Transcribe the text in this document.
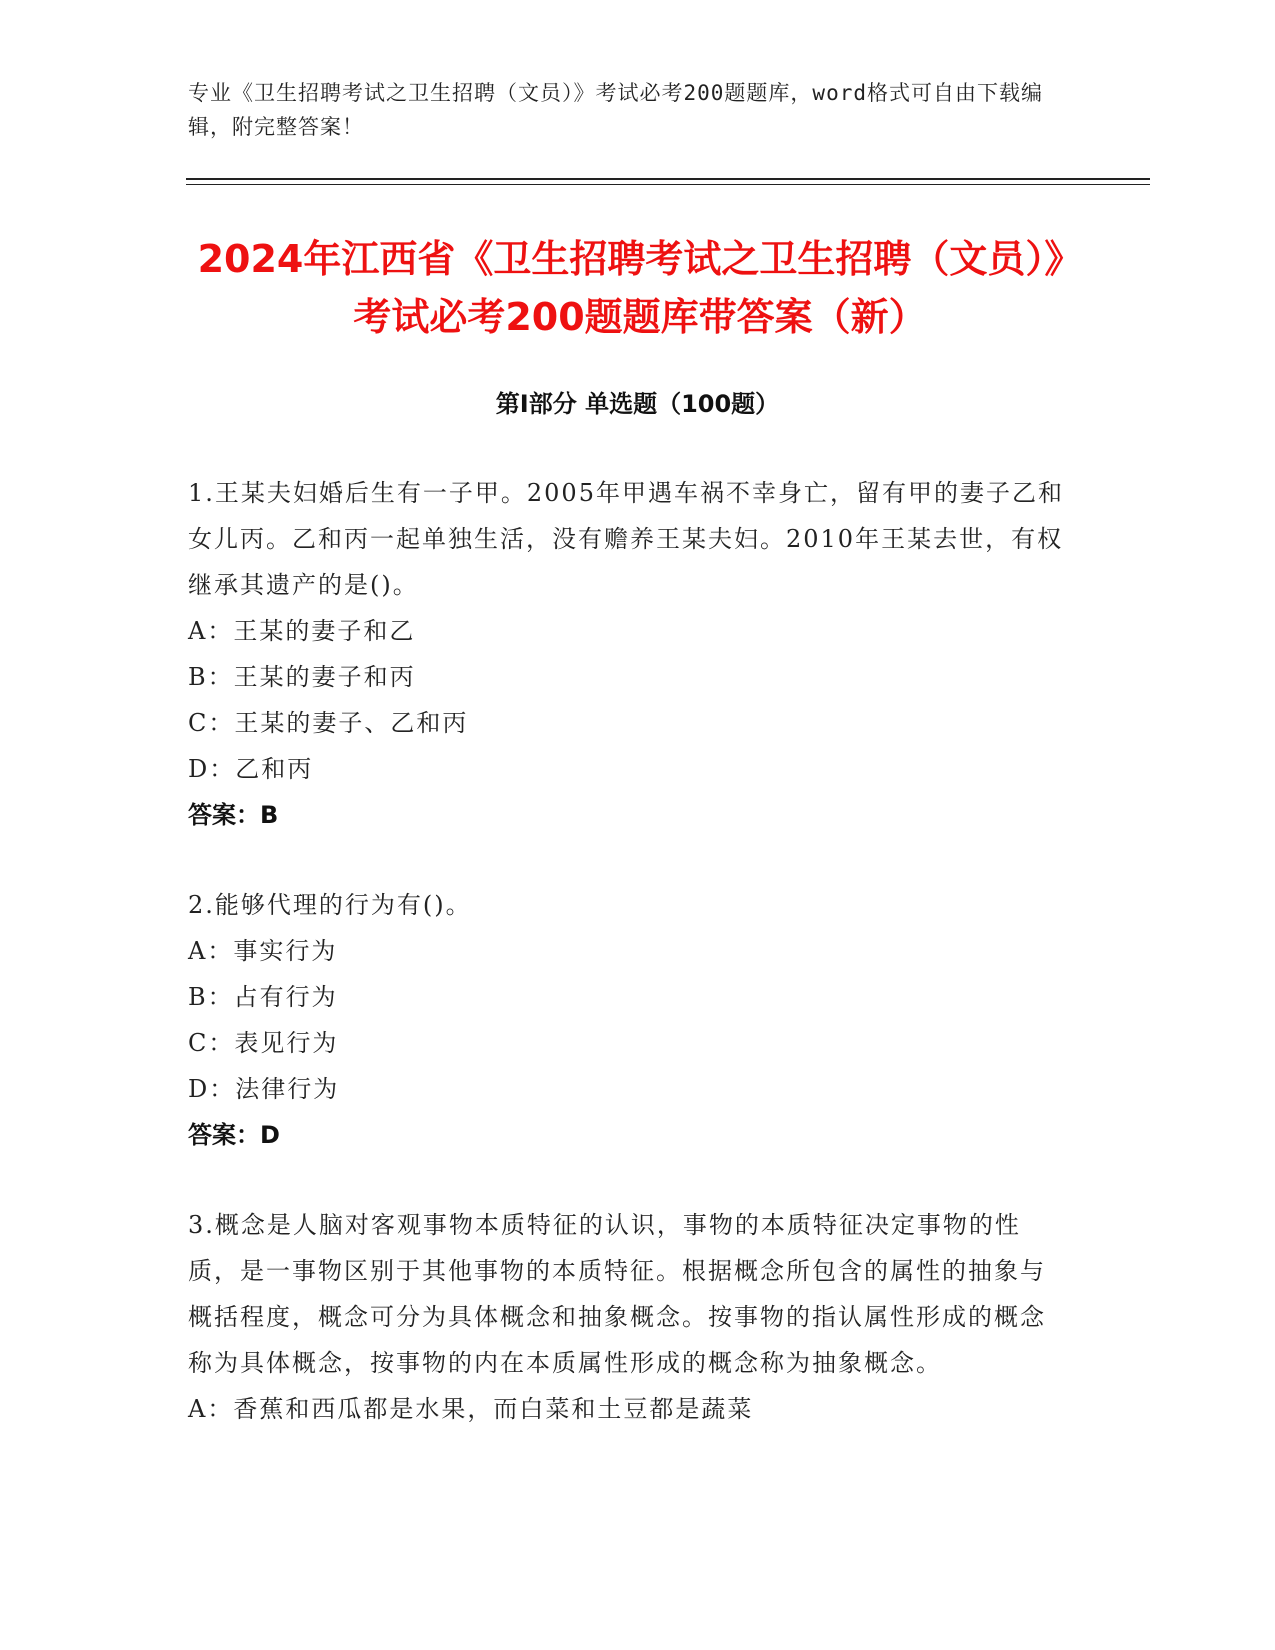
专业《卫生招聘考试之卫生招聘（文员）》考试必考200题题库，word格式可自由下载编辑，附完整答案！
2024年江西省《卫生招聘考试之卫生招聘（文员）》考试必考200题题库带答案（新）
第I部分 单选题（100题）

1.王某夫妇婚后生有一子甲。2005年甲遇车祸不幸身亡，留有甲的妻子乙和女儿丙。乙和丙一起单独生活，没有赡养王某夫妇。2010年王某去世，有权继承其遗产的是()。

A：王某的妻子和乙

B：王某的妻子和丙

C：王某的妻子、乙和丙

D：乙和丙

答案：B

2.能够代理的行为有()。

A：事实行为

B：占有行为

C：表见行为

D：法律行为

答案：D

3.概念是人脑对客观事物本质特征的认识，事物的本质特征决定事物的性质，是一事物区别于其他事物的本质特征。根据概念所包含的属性的抽象与概括程度，概念可分为具体概念和抽象概念。按事物的指认属性形成的概念称为具体概念，按事物的内在本质属性形成的概念称为抽象概念。

A：香蕉和西瓜都是水果，而白菜和土豆都是蔬菜
